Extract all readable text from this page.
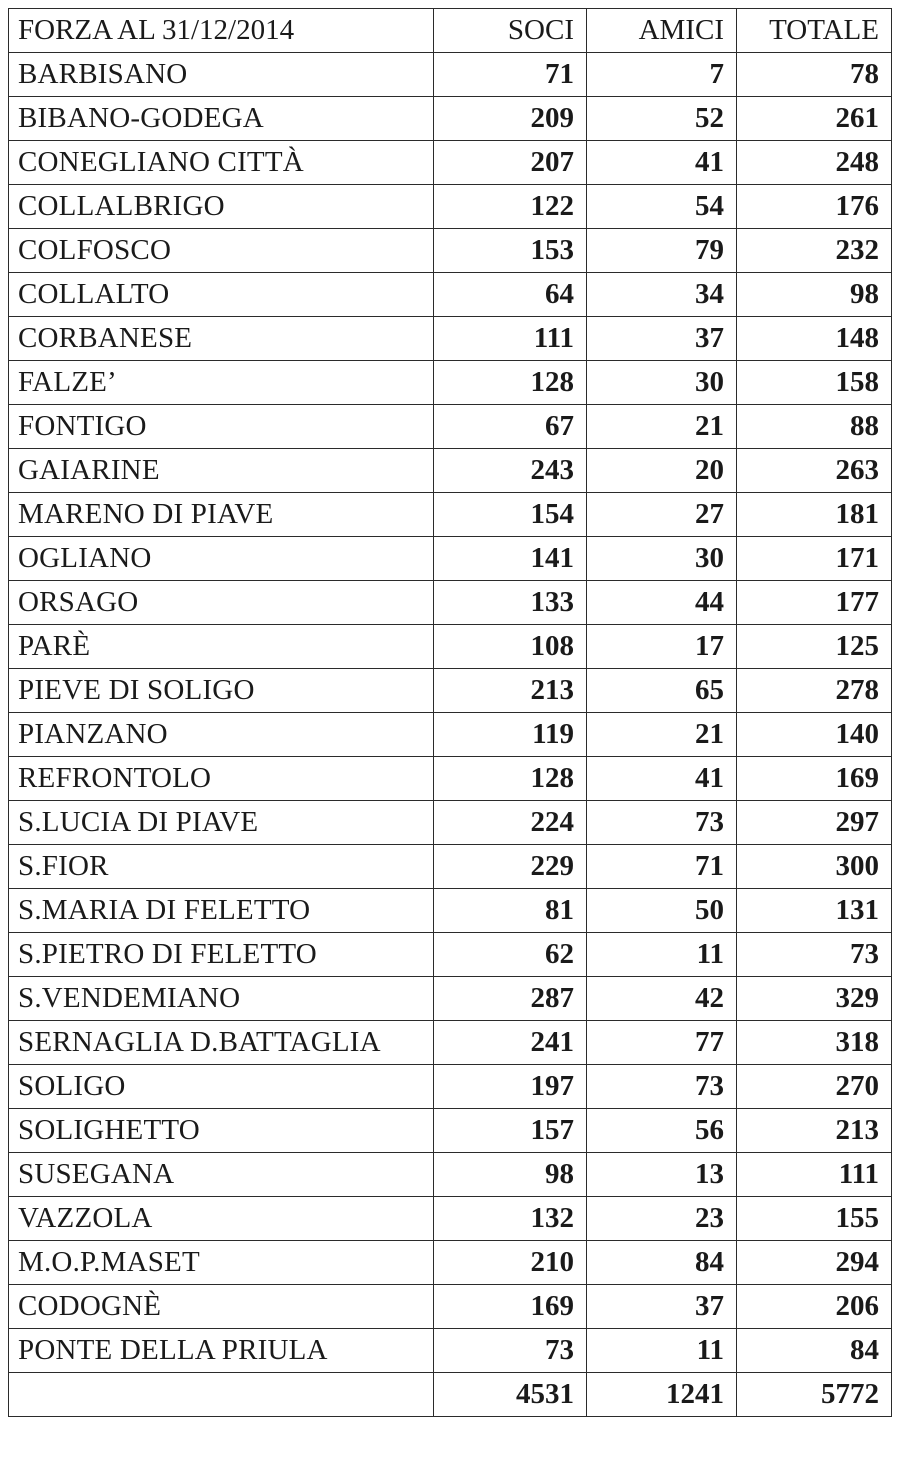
FORZA AL 31/12/2014	SOCI	AMICI	TOTALE
BARBISANO	71	7	78
BIBANO-GODEGA	209	52	261
CONEGLIANO CITTÀ	207	41	248
COLLALBRIGO	122	54	176
COLFOSCO	153	79	232
COLLALTO	64	34	98
CORBANESE	111	37	148
FALZE’	128	30	158
FONTIGO	67	21	88
GAIARINE	243	20	263
MARENO DI PIAVE	154	27	181
OGLIANO	141	30	171
ORSAGO	133	44	177
PARÈ	108	17	125
PIEVE DI SOLIGO	213	65	278
PIANZANO	119	21	140
REFRONTOLO	128	41	169
S.LUCIA DI PIAVE	224	73	297
S.FIOR	229	71	300
S.MARIA DI FELETTO	81	50	131
S.PIETRO DI FELETTO	62	11	73
S.VENDEMIANO	287	42	329
SERNAGLIA D.BATTAGLIA	241	77	318
SOLIGO	197	73	270
SOLIGHETTO	157	56	213
SUSEGANA	98	13	111
VAZZOLA	132	23	155
M.O.P.MASET	210	84	294
CODOGNÈ	169	37	206
PONTE DELLA PRIULA	73	11	84
	4531	1241	5772
